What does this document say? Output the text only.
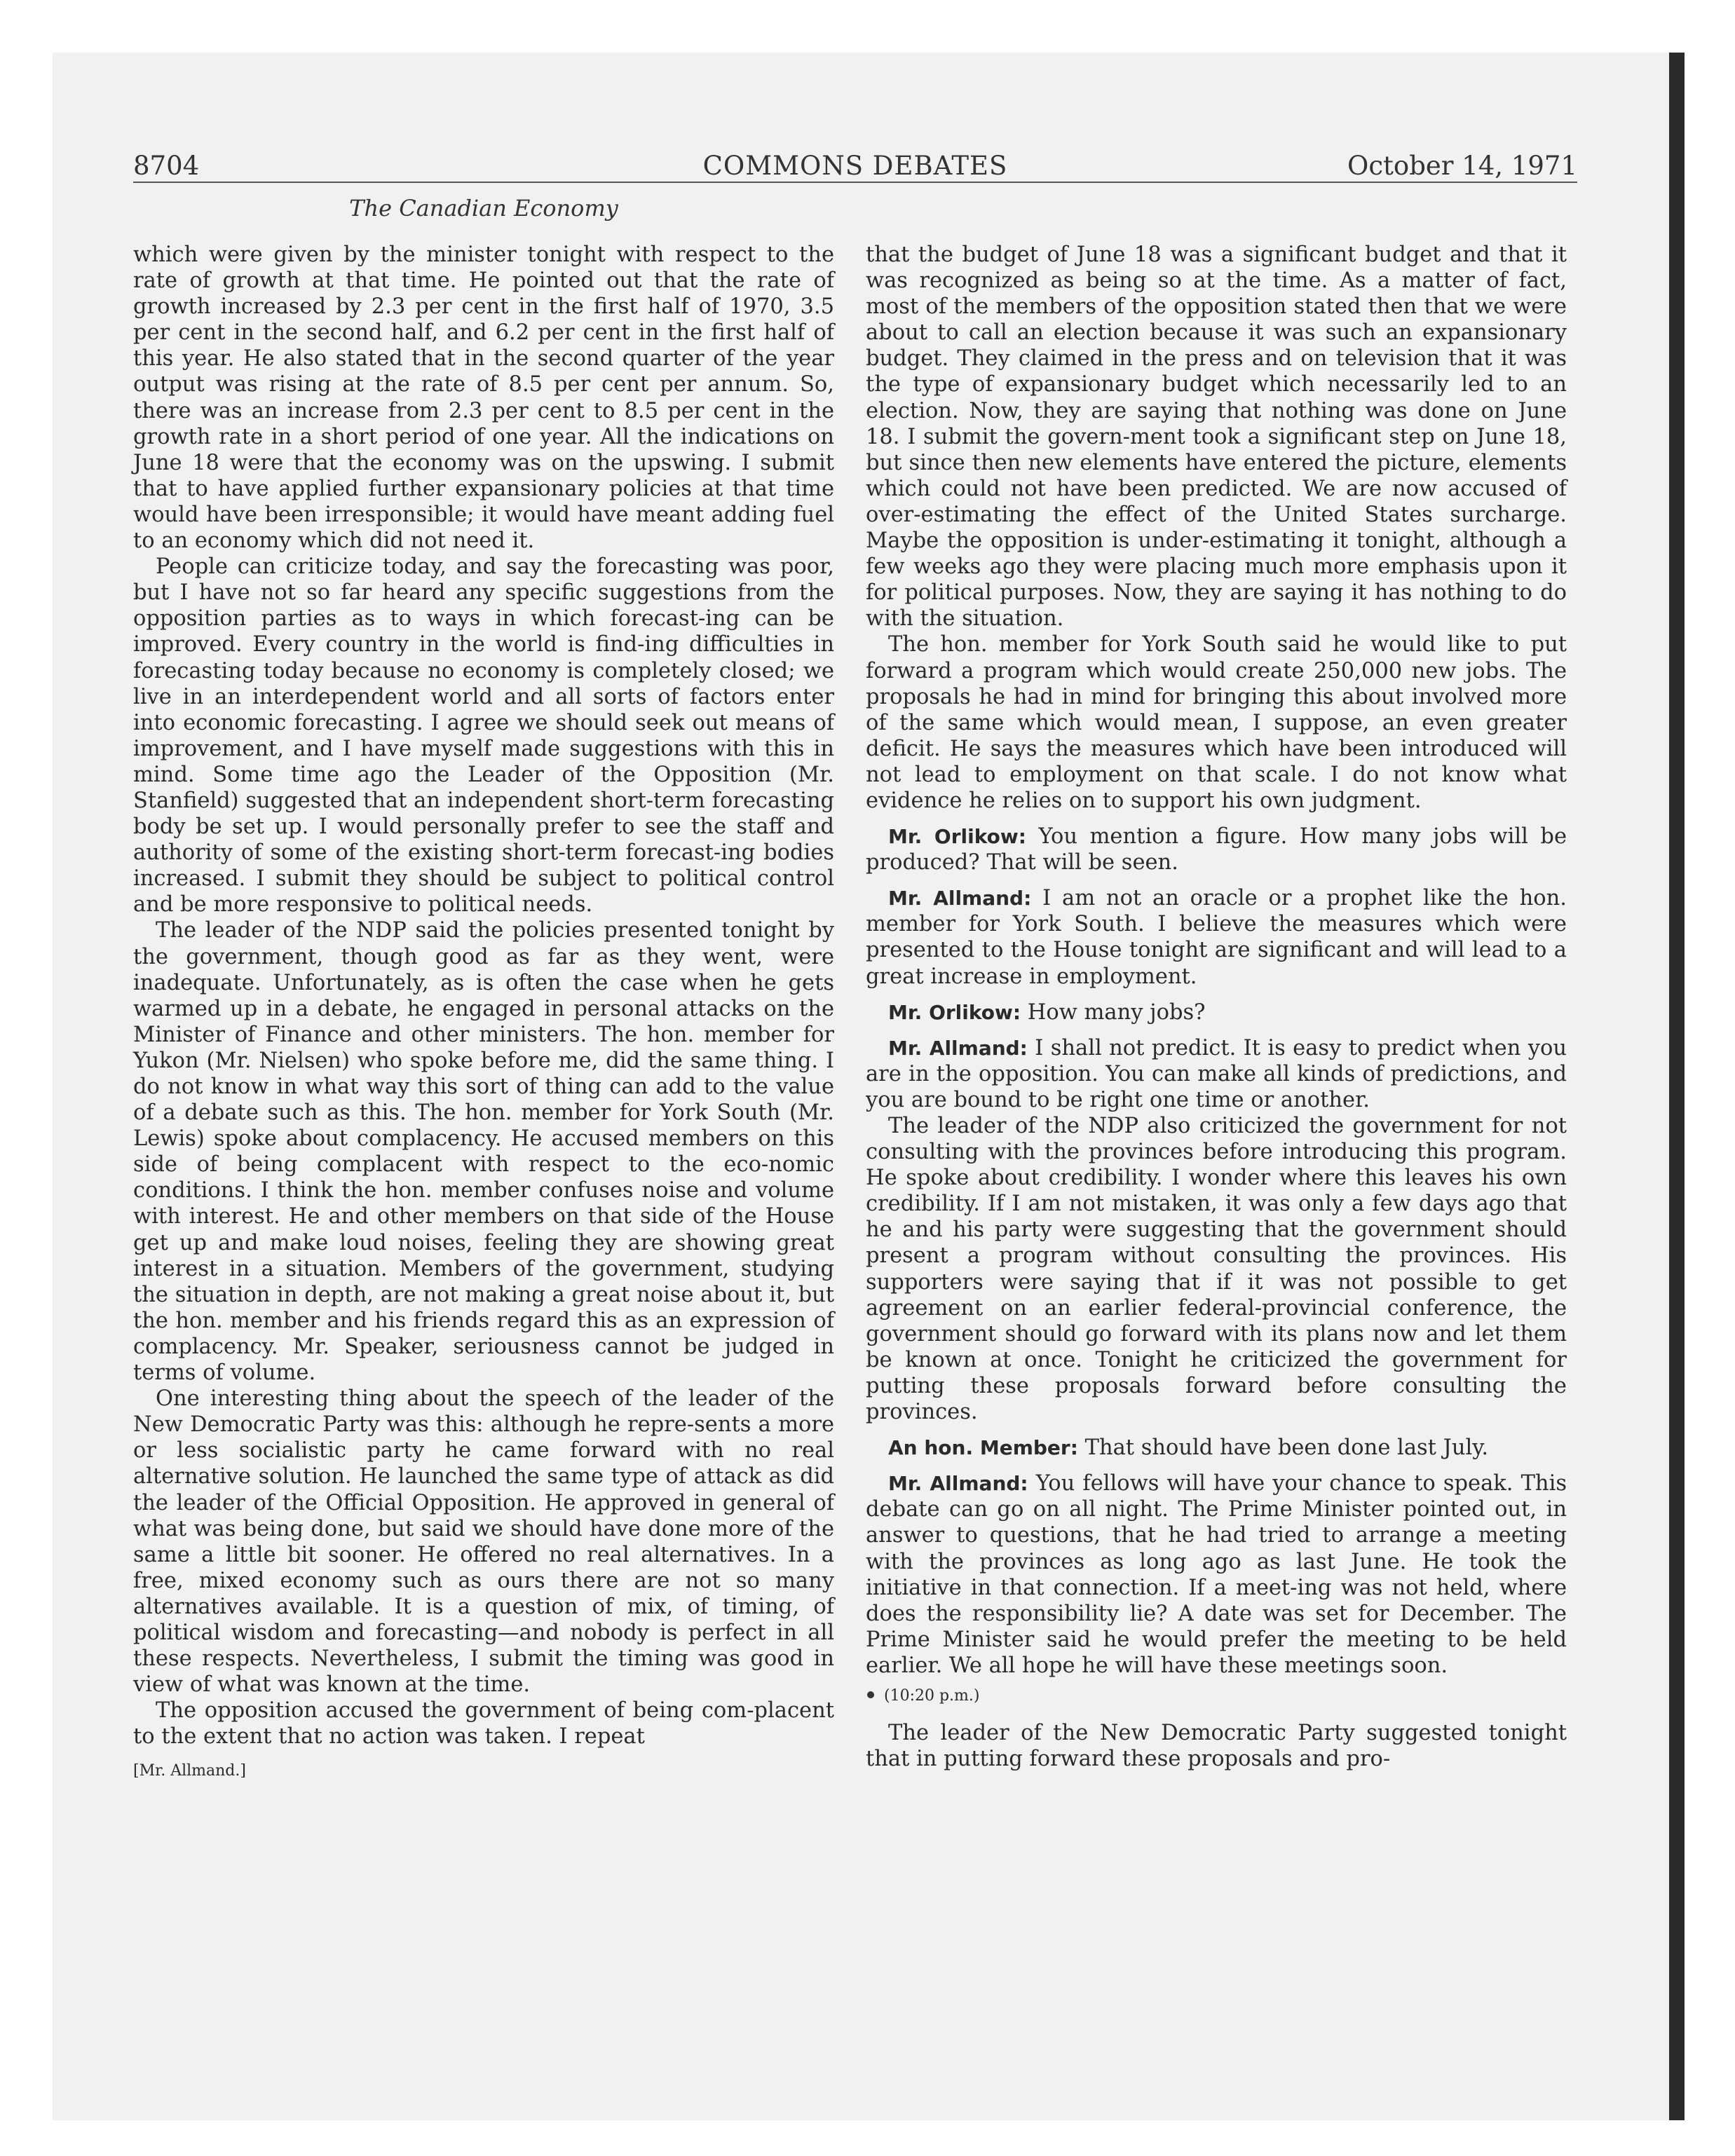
COMMONS DEBATES
8704	October 14, 1971
The Canadian Economy

which were given by the minister tonight with respect to the rate of growth at that time. He pointed out that the rate of growth increased by 2.3 per cent in the first half of 1970, 3.5 per cent in the second half, and 6.2 per cent in the first half of this year. He also stated that in the second quarter of the year output was rising at the rate of 8.5 per cent per annum. So, there was an increase from 2.3 per cent to 8.5 per cent in the growth rate in a short period of one year. All the indications on June 18 were that the economy was on the upswing. I submit that to have applied further expansionary policies at that time would have been irresponsible; it would have meant adding fuel to an economy which did not need it.

People can criticize today, and say the forecasting was poor, but I have not so far heard any specific suggestions from the opposition parties as to ways in which forecast-ing can be improved. Every country in the world is find-ing difficulties in forecasting today because no economy is completely closed; we live in an interdependent world and all sorts of factors enter into economic forecasting. I agree we should seek out means of improvement, and I have myself made suggestions with this in mind. Some time ago the Leader of the Opposition (Mr. Stanfield) suggested that an independent short-term forecasting body be set up. I would personally prefer to see the staff and authority of some of the existing short-term forecast-ing bodies increased. I submit they should be subject to political control and be more responsive to political needs.

The leader of the NDP said the policies presented tonight by the government, though good as far as they went, were inadequate. Unfortunately, as is often the case when he gets warmed up in a debate, he engaged in personal attacks on the Minister of Finance and other ministers. The hon. member for Yukon (Mr. Nielsen) who spoke before me, did the same thing. I do not know in what way this sort of thing can add to the value of a debate such as this. The hon. member for York South (Mr. Lewis) spoke about complacency. He accused members on this side of being complacent with respect to the eco-nomic conditions. I think the hon. member confuses noise and volume with interest. He and other members on that side of the House get up and make loud noises, feeling they are showing great interest in a situation. Members of the government, studying the situation in depth, are not making a great noise about it, but the hon. member and his friends regard this as an expression of complacency. Mr. Speaker, seriousness cannot be judged in terms of volume.

One interesting thing about the speech of the leader of the New Democratic Party was this: although he repre-sents a more or less socialistic party he came forward with no real alternative solution. He launched the same type of attack as did the leader of the Official Opposition. He approved in general of what was being done, but said we should have done more of the same a little bit sooner. He offered no real alternatives. In a free, mixed economy such as ours there are not so many alternatives available. It is a question of mix, of timing, of political wisdom and forecasting—and nobody is perfect in all these respects. Nevertheless, I submit the timing was good in view of what was known at the time.

The opposition accused the government of being com-placent to the extent that no action was taken. I repeat

[Mr. Allmand.]

that the budget of June 18 was a significant budget and that it was recognized as being so at the time. As a matter of fact, most of the members of the opposition stated then that we were about to call an election because it was such an expansionary budget. They claimed in the press and on television that it was the type of expansionary budget which necessarily led to an election. Now, they are saying that nothing was done on June 18. I submit the govern-ment took a significant step on June 18, but since then new elements have entered the picture, elements which could not have been predicted. We are now accused of over-estimating the effect of the United States surcharge. Maybe the opposition is under-estimating it tonight, although a few weeks ago they were placing much more emphasis upon it for political purposes. Now, they are saying it has nothing to do with the situation.

The hon. member for York South said he would like to put forward a program which would create 250,000 new jobs. The proposals he had in mind for bringing this about involved more of the same which would mean, I suppose, an even greater deficit. He says the measures which have been introduced will not lead to employment on that scale. I do not know what evidence he relies on to support his own judgment.

Mr. Orlikow: You mention a figure. How many jobs will be produced? That will be seen.

Mr. Allmand: I am not an oracle or a prophet like the hon. member for York South. I believe the measures which were presented to the House tonight are significant and will lead to a great increase in employment.

Mr. Orlikow: How many jobs?

Mr. Allmand: I shall not predict. It is easy to predict when you are in the opposition. You can make all kinds of predictions, and you are bound to be right one time or another.

The leader of the NDP also criticized the government for not consulting with the provinces before introducing this program. He spoke about credibility. I wonder where this leaves his own credibility. If I am not mistaken, it was only a few days ago that he and his party were suggesting that the government should present a program without consulting the provinces. His supporters were saying that if it was not possible to get agreement on an earlier federal-provincial conference, the government should go forward with its plans now and let them be known at once. Tonight he criticized the government for putting these proposals forward before consulting the provinces.

An hon. Member: That should have been done last July.

Mr. Allmand: You fellows will have your chance to speak. This debate can go on all night. The Prime Minister pointed out, in answer to questions, that he had tried to arrange a meeting with the provinces as long ago as last June. He took the initiative in that connection. If a meet-ing was not held, where does the responsibility lie? A date was set for December. The Prime Minister said he would prefer the meeting to be held earlier. We all hope he will have these meetings soon.

(10:20 p.m.)

The leader of the New Democratic Party suggested tonight that in putting forward these proposals and pro-
